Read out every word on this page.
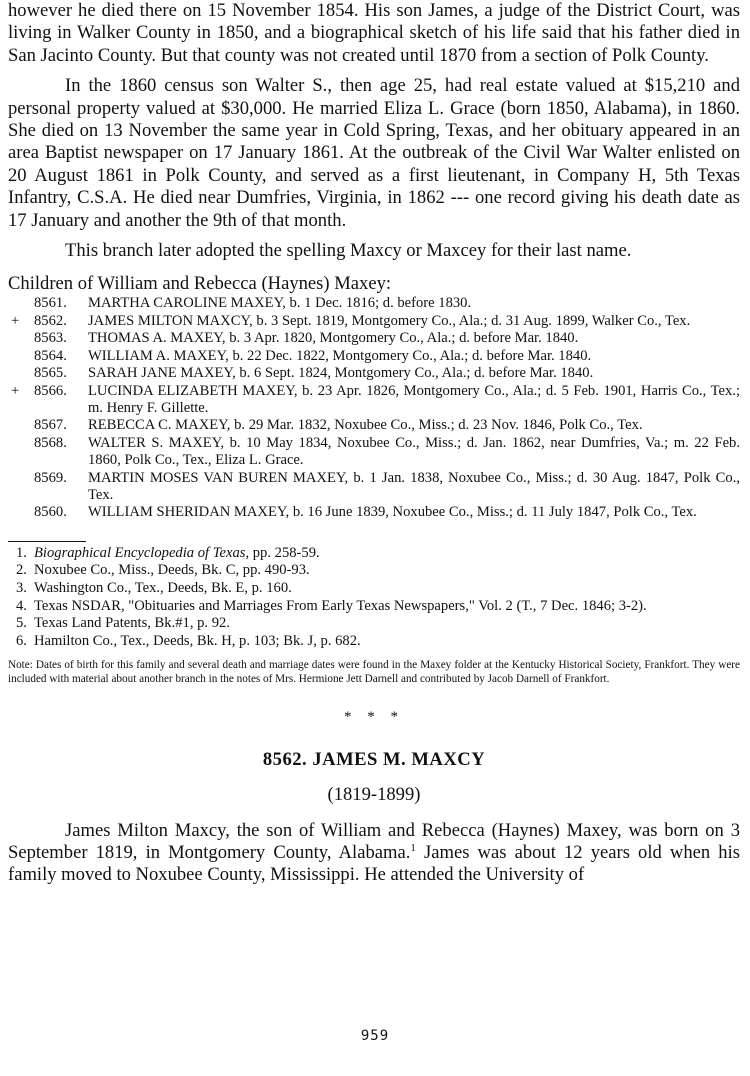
however he died there on 15 November 1854. His son James, a judge of the District Court, was living in Walker County in 1850, and a biographical sketch of his life said that his father died in San Jacinto County. But that county was not created until 1870 from a section of Polk County.

In the 1860 census son Walter S., then age 25, had real estate valued at $15,210 and personal property valued at $30,000. He married Eliza L. Grace (born 1850, Alabama), in 1860. She died on 13 November the same year in Cold Spring, Texas, and her obituary appeared in an area Baptist newspaper on 17 January 1861. At the outbreak of the Civil War Walter enlisted on 20 August 1861 in Polk County, and served as a first lieutenant, in Company H, 5th Texas Infantry, C.S.A. He died near Dumfries, Virginia, in 1862 --- one record giving his death date as 17 January and another the 9th of that month.

This branch later adopted the spelling Maxcy or Maxcey for their last name.

Children of William and Rebecca (Haynes) Maxey:
8561. MARTHA CAROLINE MAXEY, b. 1 Dec. 1816; d. before 1830.
+ 8562. JAMES MILTON MAXCY, b. 3 Sept. 1819, Montgomery Co., Ala.; d. 31 Aug. 1899, Walker Co., Tex.
8563. THOMAS A. MAXEY, b. 3 Apr. 1820, Montgomery Co., Ala.; d. before Mar. 1840.
8564. WILLIAM A. MAXEY, b. 22 Dec. 1822, Montgomery Co., Ala.; d. before Mar. 1840.
8565. SARAH JANE MAXEY, b. 6 Sept. 1824, Montgomery Co., Ala.; d. before Mar. 1840.
+ 8566. LUCINDA ELIZABETH MAXEY, b. 23 Apr. 1826, Montgomery Co., Ala.; d. 5 Feb. 1901, Harris Co., Tex.; m. Henry F. Gillette.
8567. REBECCA C. MAXEY, b. 29 Mar. 1832, Noxubee Co., Miss.; d. 23 Nov. 1846, Polk Co., Tex.
8568. WALTER S. MAXEY, b. 10 May 1834, Noxubee Co., Miss.; d. Jan. 1862, near Dumfries, Va.; m. 22 Feb. 1860, Polk Co., Tex., Eliza L. Grace.
8569. MARTIN MOSES VAN BUREN MAXEY, b. 1 Jan. 1838, Noxubee Co., Miss.; d. 30 Aug. 1847, Polk Co., Tex.
8560. WILLIAM SHERIDAN MAXEY, b. 16 June 1839, Noxubee Co., Miss.; d. 11 July 1847, Polk Co., Tex.
1. Biographical Encyclopedia of Texas, pp. 258-59.
2. Noxubee Co., Miss., Deeds, Bk. C, pp. 490-93.
3. Washington Co., Tex., Deeds, Bk. E, p. 160.
4. Texas NSDAR, "Obituaries and Marriages From Early Texas Newspapers," Vol. 2 (T., 7 Dec. 1846; 3-2).
5. Texas Land Patents, Bk.#1, p. 92.
6. Hamilton Co., Tex., Deeds, Bk. H, p. 103; Bk. J, p. 682.

Note: Dates of birth for this family and several death and marriage dates were found in the Maxey folder at the Kentucky Historical Society, Frankfort. They were included with material about another branch in the notes of Mrs. Hermione Jett Darnell and contributed by Jacob Darnell of Frankfort.

* * *
8562. JAMES M. MAXCY
(1819-1899)

James Milton Maxcy, the son of William and Rebecca (Haynes) Maxey, was born on 3 September 1819, in Montgomery County, Alabama.$^1$ James was about 12 years old when his family moved to Noxubee County, Mississippi. He attended the University of

959
